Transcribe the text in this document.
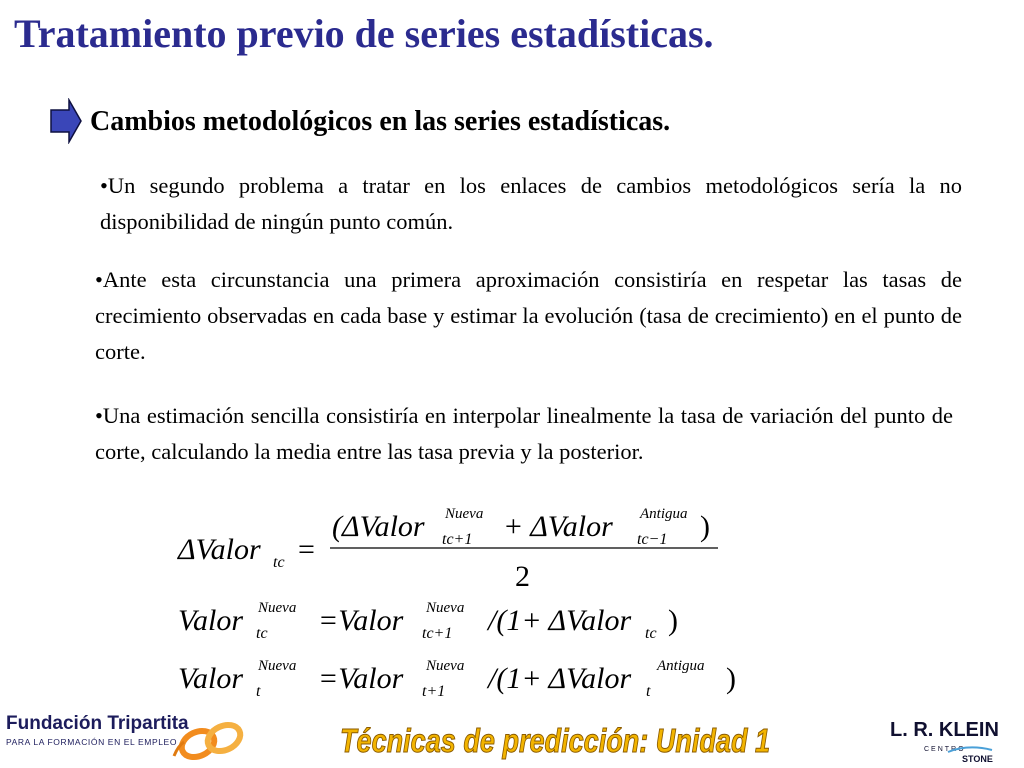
Tratamiento previo de series estadísticas.
Cambios metodológicos en las series estadísticas.
•Un segundo problema a tratar en los enlaces de cambios metodológicos sería la no disponibilidad de ningún punto común.
•Ante esta circunstancia una primera aproximación consistiría en respetar las tasas de crecimiento observadas en cada base y estimar la evolución (tasa de crecimiento) en el punto de corte.
•Una estimación sencilla consistiría en interpolar linealmente la tasa de variación del punto de corte, calculando la media entre las tasa previa y la posterior.
ΔValor tc =
(ΔValor Nueva
tc+1 + ΔValor Antigua
tc−1 )
2
Valor Nueva
tc =Valor Nueva
tc+1 /(1+ ΔValor tc )
Valor Nueva
t =Valor Nueva
t+1 /(1+ ΔValor Antigua
t	)
Fundación Tripartita
PARA LA FORMACIÓN EN EL EMPLEO	Técnicas de predicción: Unidad 1	L. R. KLEIN
CENTRO
STONE
